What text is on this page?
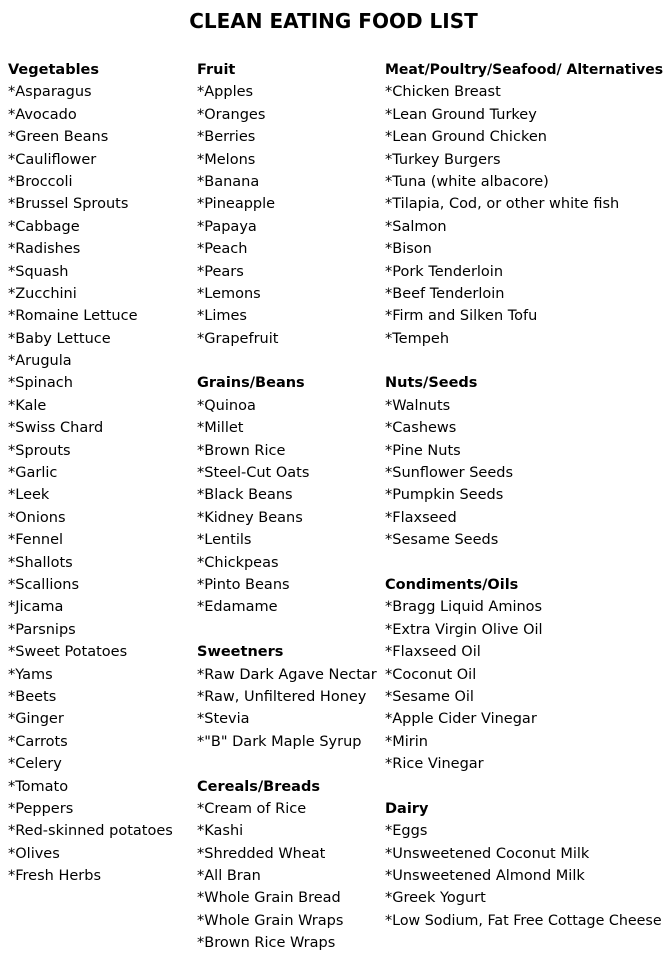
CLEAN EATING FOOD LIST
Vegetables
*Asparagus
*Avocado
*Green Beans
*Cauliflower
*Broccoli
*Brussel Sprouts
*Cabbage
*Radishes
*Squash
*Zucchini
*Romaine Lettuce
*Baby Lettuce
*Arugula
*Spinach
*Kale
*Swiss Chard
*Sprouts
*Garlic
*Leek
*Onions
*Fennel
*Shallots
*Scallions
*Jicama
*Parsnips
*Sweet Potatoes
*Yams
*Beets
*Ginger
*Carrots
*Celery
*Tomato
*Peppers
*Red-skinned potatoes
*Olives
*Fresh Herbs
Fruit
*Apples
*Oranges
*Berries
*Melons
*Banana
*Pineapple
*Papaya
*Peach
*Pears
*Lemons
*Limes
*Grapefruit
Grains/Beans
*Quinoa
*Millet
*Brown Rice
*Steel-Cut Oats
*Black Beans
*Kidney Beans
*Lentils
*Chickpeas
*Pinto Beans
*Edamame
Sweetners
*Raw Dark Agave Nectar
*Raw, Unfiltered Honey
*Stevia
*"B" Dark Maple Syrup
Cereals/Breads
*Cream of Rice
*Kashi
*Shredded Wheat
*All Bran
*Whole Grain Bread
*Whole Grain Wraps
*Brown Rice Wraps
Meat/Poultry/Seafood/ Alternatives
*Chicken Breast
*Lean Ground Turkey
*Lean Ground Chicken
*Turkey Burgers
*Tuna (white albacore)
*Tilapia, Cod, or other white fish
*Salmon
*Bison
*Pork Tenderloin
*Beef Tenderloin
*Firm and Silken Tofu
*Tempeh
Nuts/Seeds
*Walnuts
*Cashews
*Pine Nuts
*Sunflower Seeds
*Pumpkin Seeds
*Flaxseed
*Sesame Seeds
Condiments/Oils
*Bragg Liquid Aminos
*Extra Virgin Olive Oil
*Flaxseed Oil
*Coconut Oil
*Sesame Oil
*Apple Cider Vinegar
*Mirin
*Rice Vinegar
Dairy
*Eggs
*Unsweetened Coconut Milk
*Unsweetened Almond Milk
*Greek Yogurt
*Low Sodium, Fat Free Cottage Cheese
